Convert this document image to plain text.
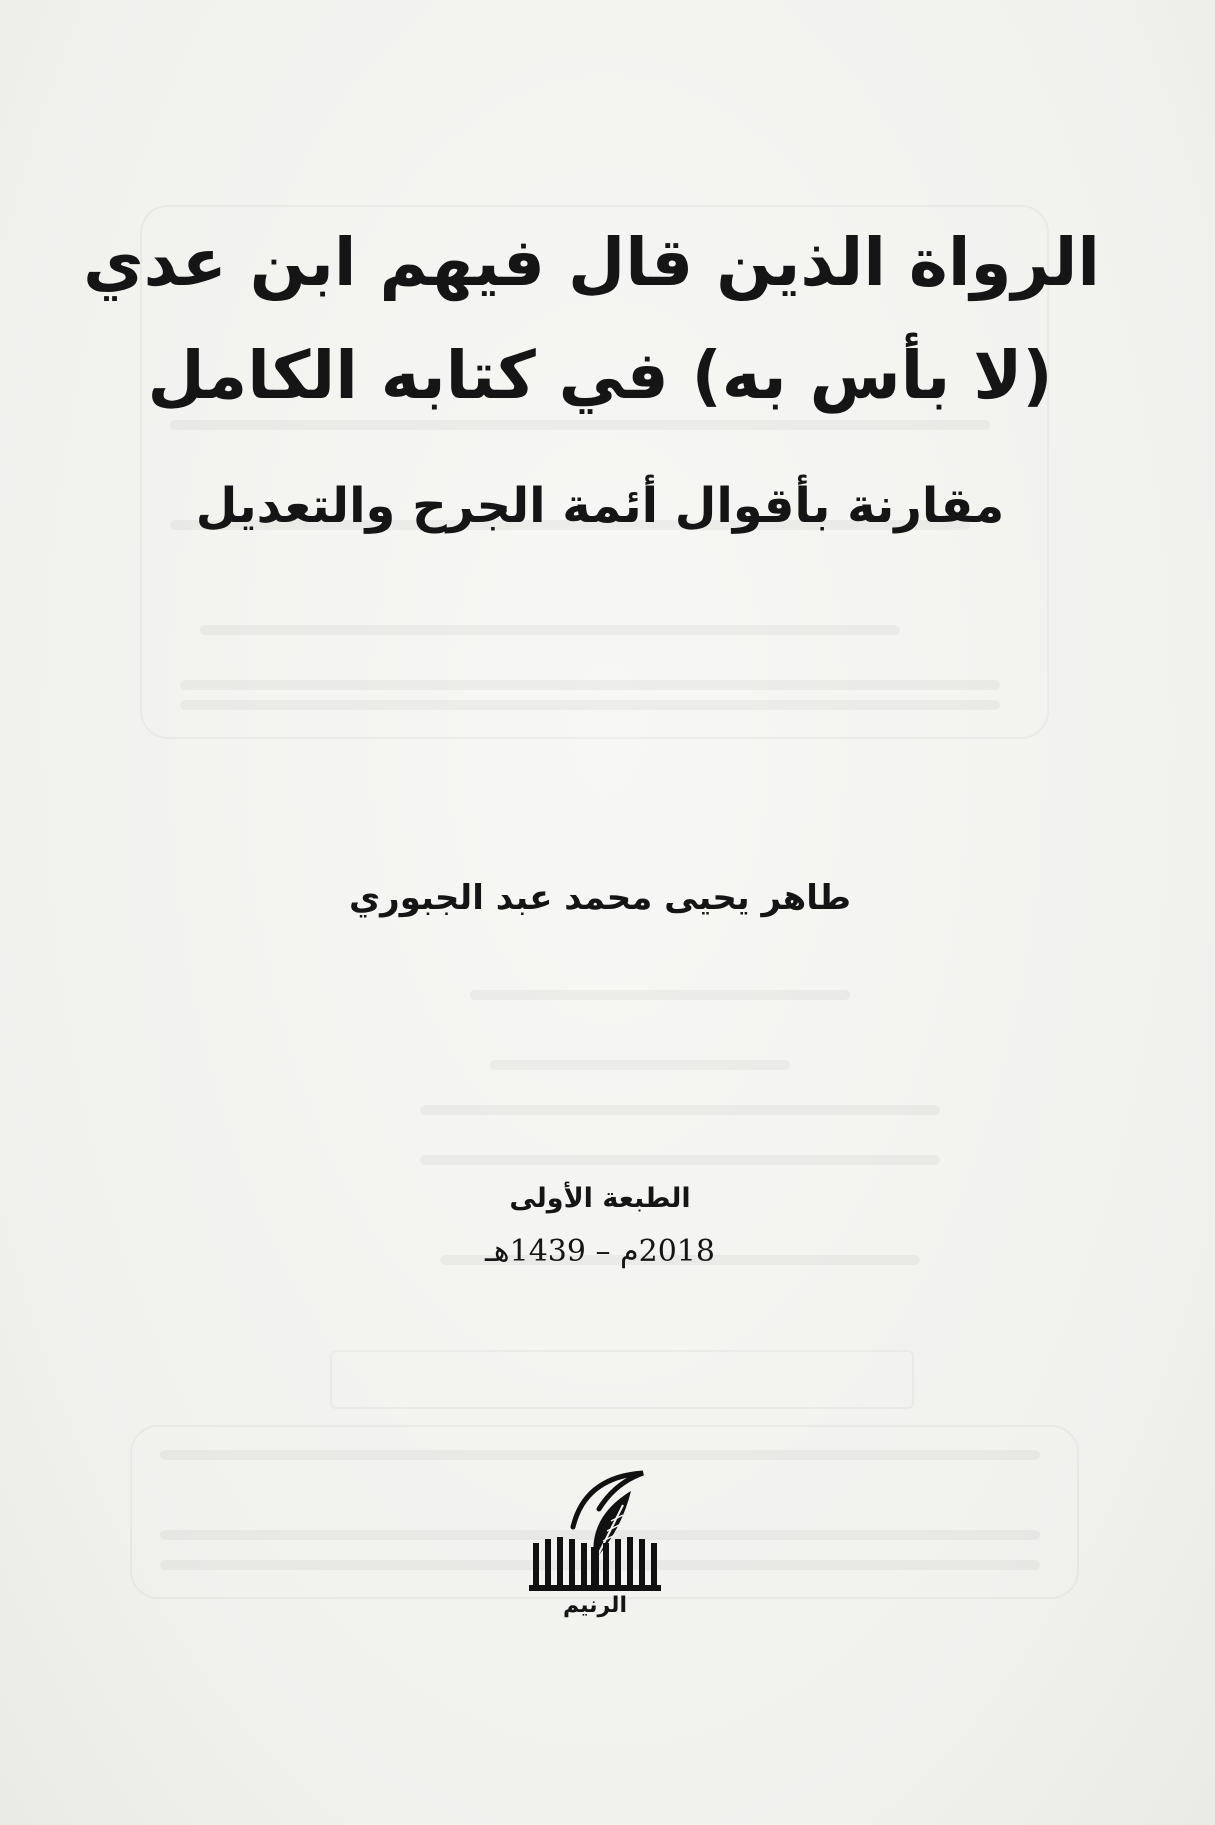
الرواة الذين قال فيهم ابن عدي
(لا بأس به) في كتابه الكامل
مقارنة بأقوال أئمة الجرح والتعديل
طاهر يحيى محمد عبد الجبوري
الطبعة الأولى
2018م – 1439هـ
الرنيم
